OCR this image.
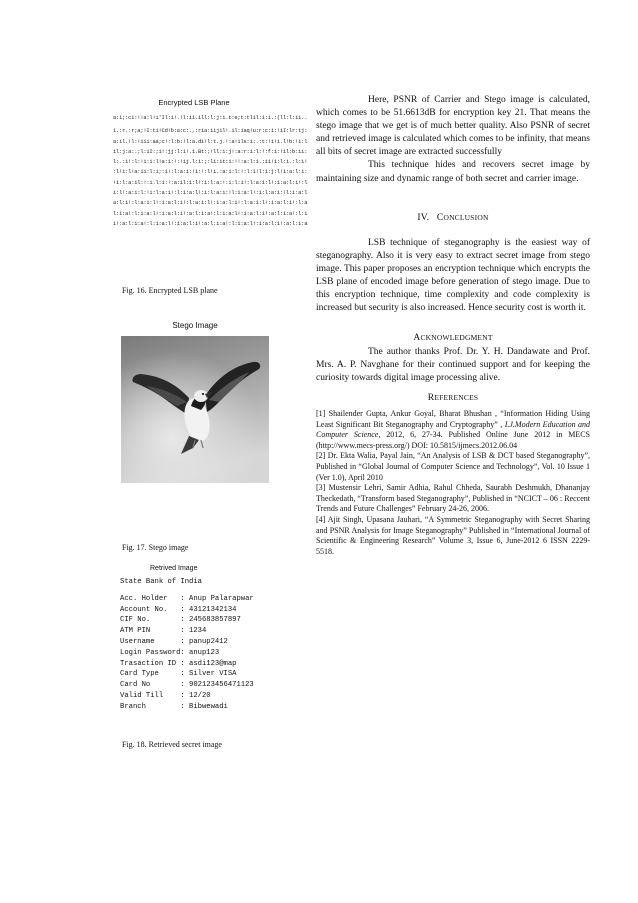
Encrypted LSB Plane
a:i;:ci:!!a:l!i'Il:i!.!l:ii.ill:l:j:i.t:e;t:tlil:i:i.:(ll:l:ii..
1.:r.:r;a;!I:ti!Cd!b:a:c:.,:ria:iijil!.il:iaq!u:r:c:i:!iI:lr:tj:
a:il.!l:!iii:aa;c!:l:b:!l:a.di!l:t.j.!:a!ils:i:.:t:!i!i.l!b:!i:l
il:j:a:.;l:iI:;i!:jj:l:i!.i.Bt:;!ll:i:j!:a:r:i:l:!:f:i:!il:b:ii:
l:.:i!:l:!i:i:l!a:i:!:!ij.l:i:;:li:it:i:!!:a:l:i.:ii!i:l:i.:l:i!
:l!i:l!a:ii:l:i;:i!:l:a:i:!i:!:l!i.:a:i:l:!:l:i!l:i:j:l!i:a:l:i:
!i:l:a:il:!:i.l:i:!:a:il:i:l!:i:l:a:!:i:l:i!:l:a:i:l!:i:a:l:i!:l
i:l!:a:i:l:!i:l:a:i!:l:i:a:l!:i:l:a:i:!l:i:a:l!:i:l:a:i:!l:i:a:l
a:l:i!:l:a:i:l!:i:a:l:i!:l:a:i:l!:i:a:l:i!:l:a:i:l!:i:a:l:i!:l:a
l:i:a!:l:i:a:l!:i:a:l:i!:a:l:i:a!:l:i:a:l!:i:a:l:i!:a:l:i:a!:l:i
i!:a:l:i:a!:l:i:a:l!:i:a:l:i!:a:l:i:a!:l:i:a:l!:i:a:l:i!:a:l:i:a
Fig. 16. Encrypted LSB plane
Stego Image
Fig. 17. Stego image
Retrived Image
State Bank of India
Acc. Holder   : Anup Palarapwar
Account No.   : 43121342134
CIF No.       : 245683857897
ATM PIN       : 1234
Username      : panup2412
Login Password: anup123
Trasaction ID : asdi123@map
Card Type     : Silver VISA
Card No       : 902123456471123
Valid Till    : 12/20
Branch        : Bibwewadi
Fig. 18. Retrieved secret image

Here, PSNR of Carrier and Stego image is calculated, which comes to be 51.6613dB for encryption key 21. That means the stego image that we get is of much better quality. Also PSNR of secret and retrieved image is calculated which comes to be infinity, that means all bits of secret image are extracted successfully

This technique hides and recovers secret image by maintaining size and dynamic range of both secret and carrier image.

IV. CONCLUSION

LSB technique of steganography is the easiest way of steganography. Also it is very easy to extract secret image from stego image. This paper proposes an encryption technique which encrypts the LSB plane of encoded image before generation of stego image. Due to this encryption technique, time complexity and code complexity is increased but security is also increased. Hence security cost is worth it.

ACKNOWLEDGMENT

The author thanks Prof. Dr. Y. H. Dandawate and Prof. Mrs. A. P. Navghane for their continued support and for keeping the curiosity towards digital image processing alive.

REFERENCES

[1] Shailender Gupta, Ankur Goyal, Bharat Bhushan , “Information Hiding Using Least Significant Bit Steganography and Cryptography” , I.J.Modern Education and Computer Science, 2012, 6, 27-34. Published Online June 2012 in MECS (http://www.mecs-press.org/) DOI: 10.5815/ijmecs.2012.06.04

[2] Dr. Ekta Walia, Payal Jain, “An Analysis of LSB & DCT based Steganography”, Published in “Global Journal of Computer Science and Technology”, Vol. 10 Issue 1 (Ver 1.0), April 2010

[3] Mustensir Lehri, Samir Adhia, Rahul Chheda, Saurabh Deshmukh, Dhananjay Theckedath, “Transform based Steganography”, Published in “NCICT – 06 : Reccent Trends and Future Challenges” February 24-26, 2006.

[4] Ajit Singh, Upasana Jauhari, “A Symmetric Steganography with Secret Sharing and PSNR Analysis for Image Steganography” Published in “International Journal of Scientific & Engineering Research” Volume 3, Issue 6, June-2012 6 ISSN 2229-5518.
